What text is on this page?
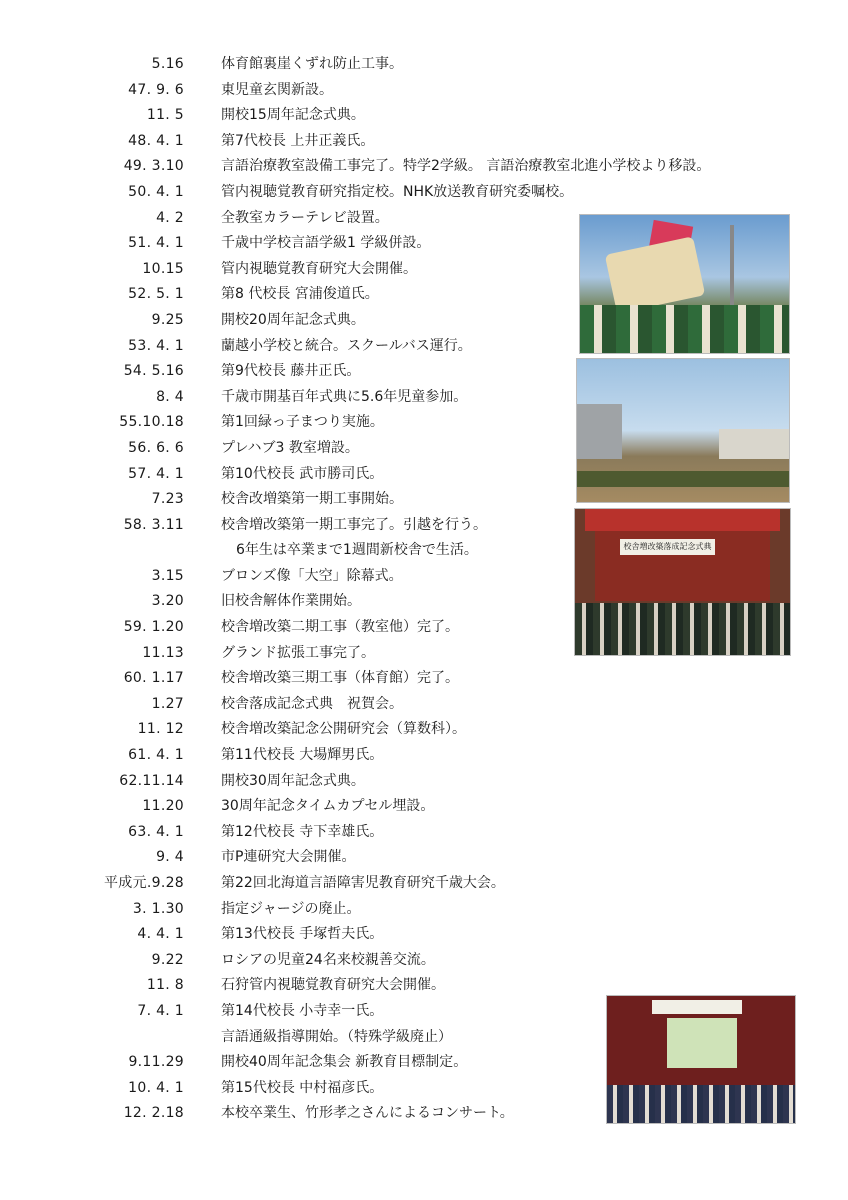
5.16	体育館裏崖くずれ防止工事。
47. 9. 6	東児童玄関新設。
11. 5	開校15周年記念式典。
48. 4. 1	第7代校長 上井正義氏。
49. 3.10	言語治療教室設備工事完了。特学2学級。 言語治療教室北進小学校より移設。
50. 4. 1	管内視聴覚教育研究指定校。NHK放送教育研究委嘱校。
4. 2	全教室カラーテレビ設置。
51. 4. 1	千歳中学校言語学級1 学級併設。
10.15	管内視聴覚教育研究大会開催。
52. 5. 1	第8 代校長 宮浦俊道氏。
9.25	開校20周年記念式典。
53. 4. 1	蘭越小学校と統合。スクールバス運行。
54. 5.16	第9代校長 藤井正氏。
8. 4	千歳市開基百年式典に5.6年児童参加。
55.10.18	第1回緑っ子まつり実施。
56. 6. 6	プレハブ3 教室増設。
57. 4. 1	第10代校長 武市勝司氏。
7.23	校舎改増築第一期工事開始。
58. 3.11	校舎増改築第一期工事完了。引越を行う。
6年生は卒業まで1週間新校舎で生活。
3.15	ブロンズ像「大空」除幕式。
3.20	旧校舎解体作業開始。
59. 1.20	校舎増改築二期工事（教室他）完了。
11.13	グランド拡張工事完了。
60. 1.17	校舎増改築三期工事（体育館）完了。
1.27	校舎落成記念式典　祝賀会。
11. 12	校舎増改築記念公開研究会（算数科）。
61. 4. 1	第11代校長 大場輝男氏。
62.11.14	開校30周年記念式典。
11.20	30周年記念タイムカプセル埋設。
63. 4. 1	第12代校長 寺下幸雄氏。
9. 4	市P連研究大会開催。
平成元.9.28	第22回北海道言語障害児教育研究千歳大会。
3. 1.30	指定ジャージの廃止。
4. 4. 1	第13代校長 手塚哲夫氏。
9.22	ロシアの児童24名来校親善交流。
11. 8	石狩管内視聴覚教育研究大会開催。
7. 4. 1	第14代校長 小寺幸一氏。
言語通級指導開始。（特殊学級廃止）
9.11.29	開校40周年記念集会 新教育目標制定。
10. 4. 1	第15代校長 中村福彦氏。
12. 2.18	本校卒業生、竹形孝之さんによるコンサート。
校舎増改築落成記念式典
